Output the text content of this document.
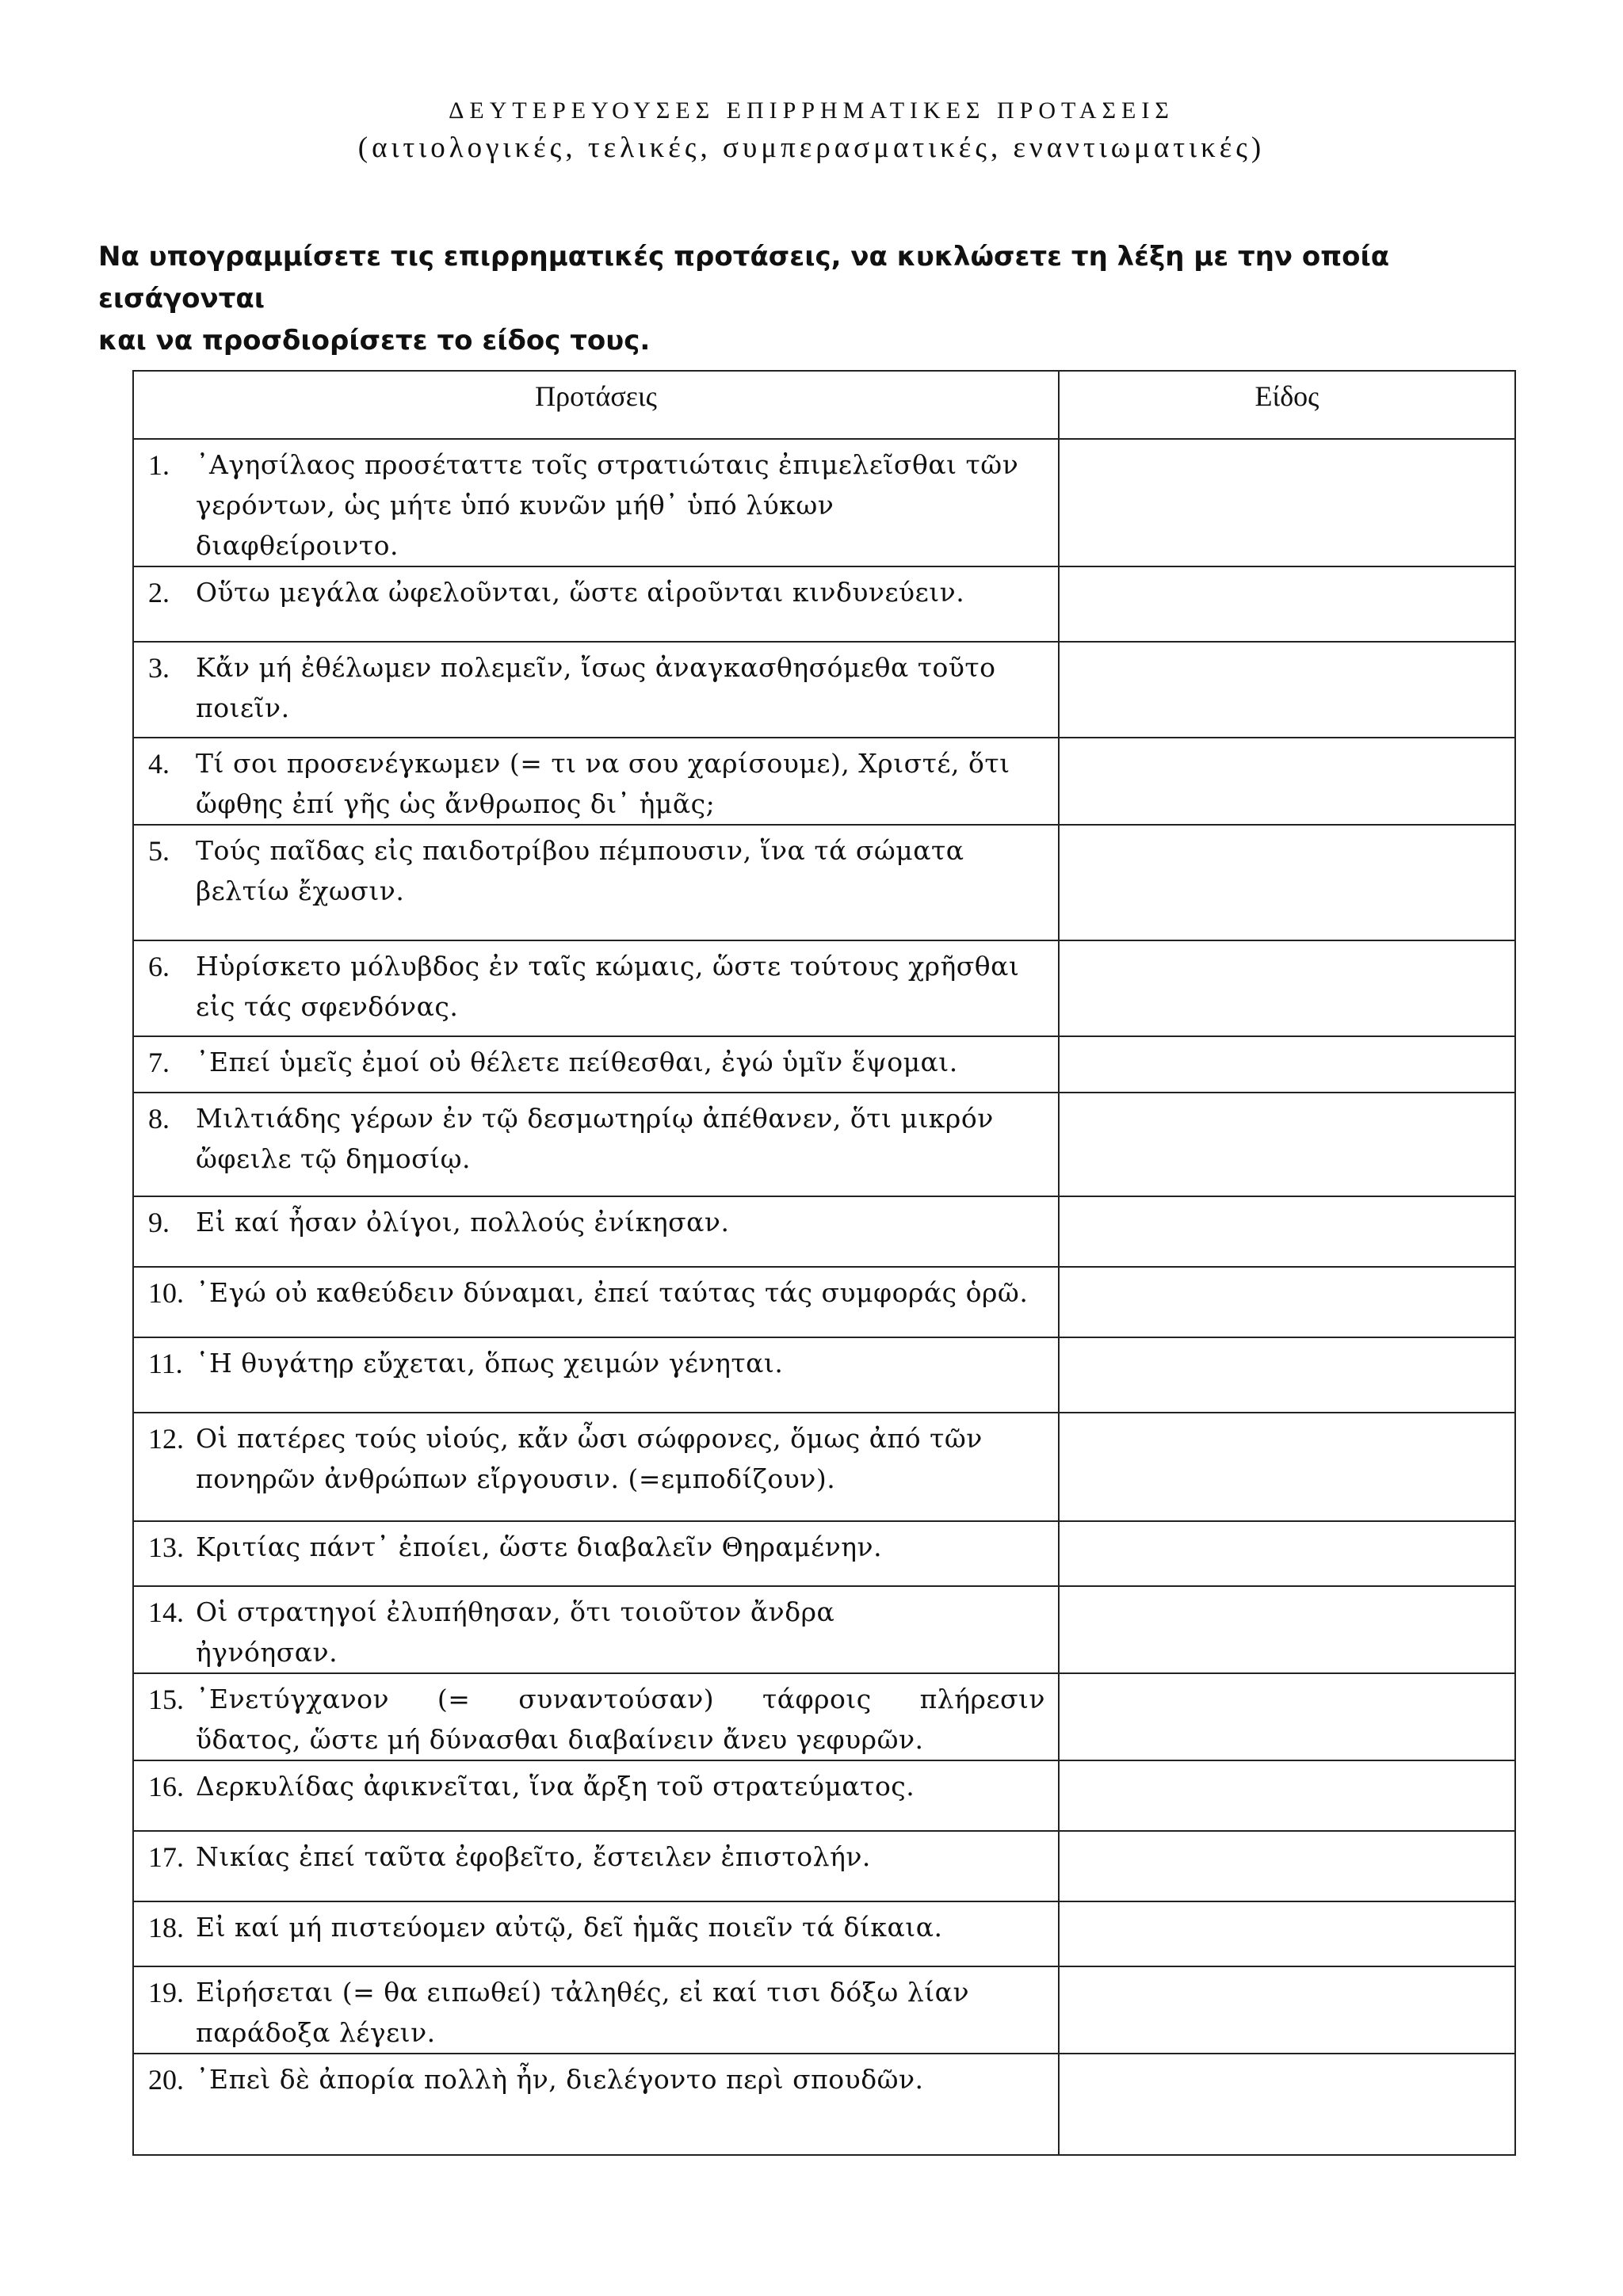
ΔΕΥΤΕΡΕΥΟΥΣΕΣ ΕΠΙΡΡΗΜΑΤΙΚΕΣ ΠΡΟΤΑΣΕΙΣ
(αιτιολογικές, τελικές, συμπερασματικές, εναντιωματικές)
Να υπογραμμίσετε τις επιρρηματικές προτάσεις, να κυκλώσετε τη λέξη με την οποία εισάγονται
και να προσδιορίσετε το είδος τους.
Προτάσεις	Είδος

1. ᾿Αγησίλαος προσέταττε τοῖς στρατιώταις ἐπιμελεῖσθαι τῶν
γερόντων, ὡς μήτε ὑπό κυνῶν μήθ᾿ ὑπό λύκων διαφθείροιντο.	

2. Οὕτω μεγάλα ὠφελοῦνται, ὥστε αἱροῦνται κινδυνεύειν.	

3. Κἄν μή ἐθέλωμεν πολεμεῖν, ἴσως ἀναγκασθησόμεθα τοῦτο
ποιεῖν.	

4. Τί σοι προσενέγκωμεν (= τι να σου χαρίσουμε), Χριστέ, ὅτι
ὤφθης ἐπί γῆς ὡς ἄνθρωπος δι᾿ ἡμᾶς;	

5. Τούς παῖδας εἰς παιδοτρίβου πέμπουσιν, ἵνα τά σώματα
βελτίω ἔχωσιν.	

6. Ηὑρίσκετο μόλυβδος ἐν ταῖς κώμαις, ὥστε τούτους χρῆσθαι
εἰς τάς σφενδόνας.	

7. ᾿Επεί ὑμεῖς ἐμοί οὐ θέλετε πείθεσθαι, ἐγώ ὑμῖν ἕψομαι.	

8. Μιλτιάδης γέρων ἐν τῷ δεσμωτηρίῳ ἀπέθανεν, ὅτι μικρόν
ὤφειλε τῷ δημοσίῳ.	

9. Εἰ καί ἦσαν ὀλίγοι, πολλούς ἐνίκησαν.	

10. ᾿Εγώ οὐ καθεύδειν δύναμαι, ἐπεί ταύτας τάς συμφοράς ὁρῶ.	

11. ῾Η θυγάτηρ εὔχεται, ὅπως χειμών γένηται.	

12. Οἱ πατέρες τούς υἱούς, κἄν ὦσι σώφρονες, ὅμως ἀπό τῶν
πονηρῶν ἀνθρώπων εἴργουσιν. (=εμποδίζουν).	

13. Κριτίας πάντ᾿ ἐποίει, ὥστε διαβαλεῖν Θηραμένην.	

14. Οἱ στρατηγοί ἐλυπήθησαν, ὅτι τοιοῦτον ἄνδρα
ἠγνόησαν.	

15. ᾿Ενετύγχανον (= συναντούσαν) τάφροις πλήρεσιν
ὕδατος, ὥστε μή δύνασθαι διαβαίνειν ἄνευ γεφυρῶν.	

16. Δερκυλίδας ἀφικνεῖται, ἵνα ἄρξη τοῦ στρατεύματος.	

17. Νικίας ἐπεί ταῦτα ἐφοβεῖτο, ἔστειλεν ἐπιστολήν.	

18. Εἰ καί μή πιστεύομεν αὐτῷ, δεῖ ἡμᾶς ποιεῖν τά δίκαια.	

19. Εἰρήσεται (= θα ειπωθεί) τἀληθές, εἰ καί τισι δόξω λίαν
παράδοξα λέγειν.	

20. ᾿Επεὶ δὲ ἀπορία πολλὴ ἦν, διελέγοντο περὶ σπουδῶν.	
